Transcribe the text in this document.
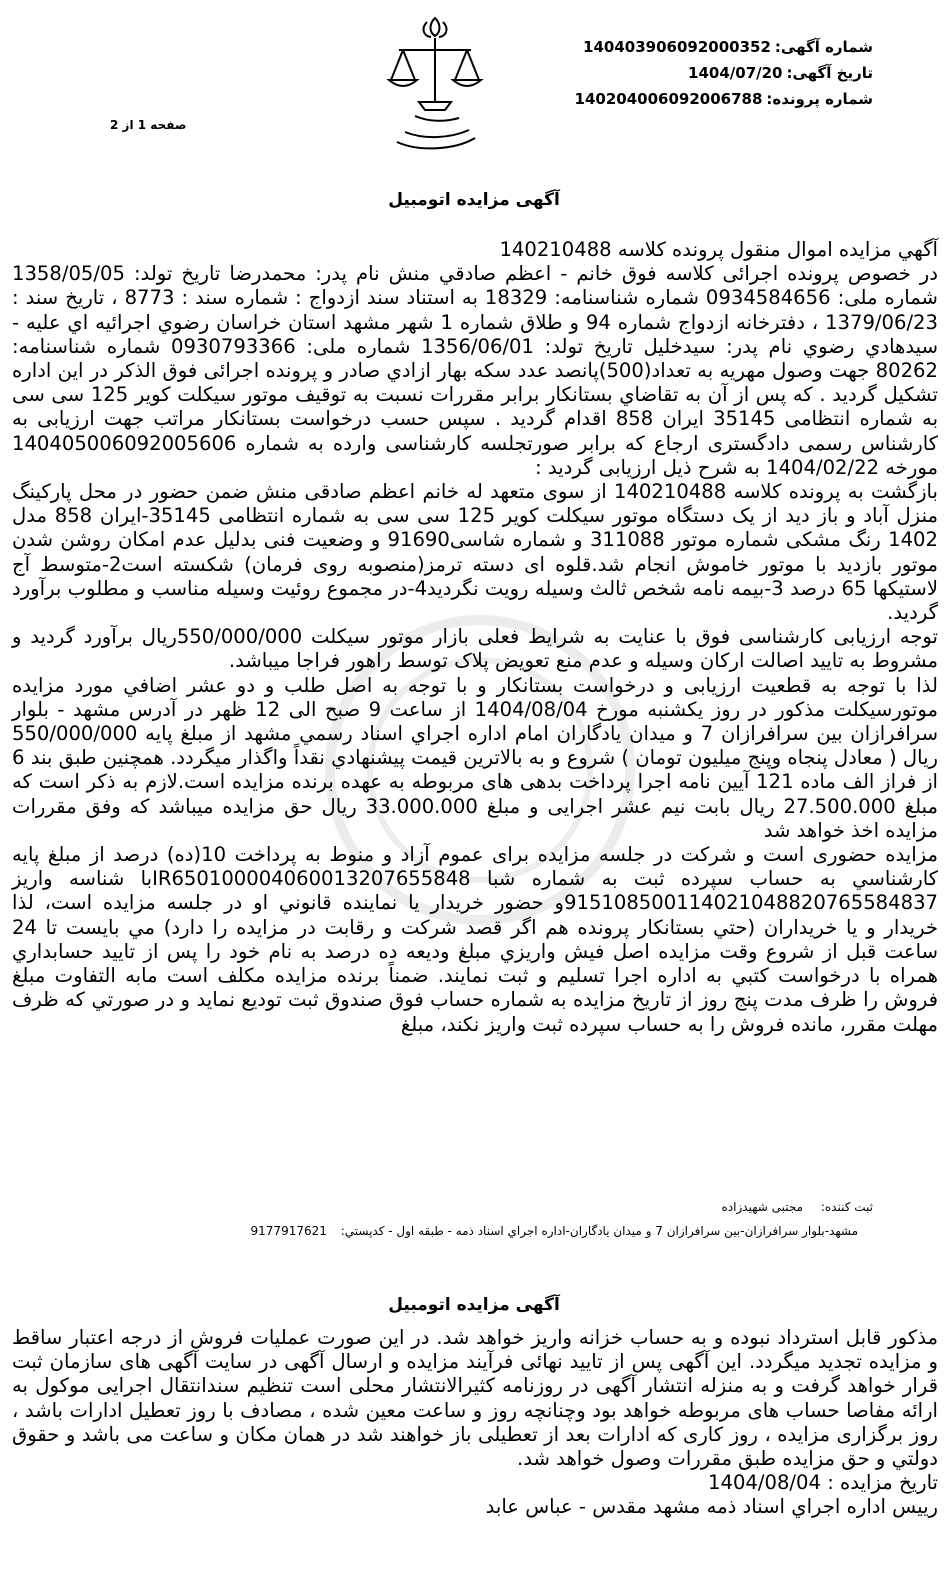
شماره آگهی:140403906092000352
تاریخ آگهی:1404/07/20
شماره پرونده:140204006092006788
صفحه 1 از 2
آگهی مزایده اتومبیل

آگهي مزايده اموال منقول پرونده کلاسه 140210488

در خصوص پرونده اجرائی کلاسه فوق خانم - اعظم صادقي منش نام پدر: محمدرضا تاريخ تولد: 1358/05/05 شماره ملی: 0934584656 شماره شناسنامه: 18329 به استناد سند ازدواج : شماره سند : 8773 ، تاریخ سند : 1379/06/23 ، دفترخانه ازدواج شماره 94 و طلاق شماره 1 شهر مشهد استان خراسان رضوي اجرائيه اي عليه - سيدهادي رضوي نام پدر: سيدخليل تاريخ تولد: 1356/06/01 شماره ملی: 0930793366 شماره شناسنامه: 80262 جهت وصول مهريه به تعداد(500)پانصد عدد سکه بهار ازادي صادر و پرونده اجرائی فوق الذکر در این اداره تشکیل گردید . که پس از آن به تقاضاي بستانكار برابر مقررات نسبت به توقيف موتور سيكلت كوير 125 سی سی به شماره انتظامی 35145 ايران 858 اقدام گرديد . سپس حسب درخواست بستانكار مراتب جهت ارزيابی به كارشناس رسمی دادگستری ارجاع كه برابر صورتجلسه كارشناسی وارده به شماره 140405006092005606 مورخه 1404/02/22 به شرح ذيل ارزيابی گرديد :

بازگشت به پرونده کلاسه 140210488 از سوی متعهد له خانم اعظم صادقی منش ضمن حضور در محل پارکینگ منزل آباد و باز دید از یک دستگاه موتور سیکلت کویر 125 سی سی به شماره انتظامی 35145-ایران 858 مدل 1402 رنگ مشکی شماره موتور 311088 و شماره شاسی91690 و وضعیت فنی بدلیل عدم امکان روشن شدن موتور بازدید با موتور خاموش انجام شد.قلوه ای دسته ترمز(منصوبه روی فرمان) شکسته است2-متوسط آج لاستیکها 65 درصد 3-بیمه نامه شخص ثالث وسیله رویت نگردید4-در مجموع روئیت وسیله مناسب و مطلوب برآورد گردید.

توجه ارزیابی کارشناسی فوق با عنایت به شرایط فعلی بازار موتور سیکلت 550/000/000ریال برآورد گردید و مشروط به تایید اصالت ارکان وسیله و عدم منع تعویض پلاک توسط راهور فراجا میباشد.

لذا با توجه به قطعیت ارزیابی و درخواست بستانکار و با توجه به اصل طلب و دو عشر اضافي مورد مزایده موتورسیکلت مذکور در روز یکشنبه مورخ 1404/08/04 از ساعت 9 صبح الی 12 ظهر در آدرس مشهد - بلوار سرافرازان بین سرافرازان 7 و میدان یادگاران امام اداره اجراي اسناد رسمي مشهد از مبلغ پايه 550/000/000 ريال ( معادل پنجاه وپنج میلیون تومان ) شروع و به بالاترين قيمت پيشنهادي نقداً واگذار ميگردد. همچنین طبق بند 6 از فراز الف ماده 121 آیین نامه اجرا پرداخت بدهی های مربوطه به عهده برنده مزایده است.لازم به ذکر است که مبلغ 27.500.000 ريال بابت نيم عشر اجرايی و مبلغ 33.000.000 ريال حق مزايده ميباشد که وفق مقررات مزايده اخذ خواهد شد

مزایده حضوری است و شرکت در جلسه مزایده برای عموم آزاد و منوط به پرداخت 10(ده) درصد از مبلغ پایه کارشناسي به حساب سپرده ثبت به شماره شبا IR650100004060013207655848با شناسه واریز 915108500114021048820765584837و حضور خریدار یا نماينده قانوني او در جلسه مزايده است، لذا خريدار و يا خريداران (حتي بستانکار پرونده هم اگر قصد شرکت و رقابت در مزايده را دارد) مي بايست تا 24 ساعت قبل از شروع وقت مزايده اصل فيش واريزي مبلغ وديعه ده درصد به نام خود را پس از تاييد حسابداري همراه با درخواست کتبي به اداره اجرا تسليم و ثبت نمايند. ضمناً برنده مزايده مکلف است مابه التفاوت مبلغ فروش را ظرف مدت پنج روز از تاريخ مزايده به شماره حساب فوق صندوق ثبت توديع نمايد و در صورتي که ظرف مهلت مقرر، مانده فروش را به حساب سپرده ثبت واريز نکند، مبلغ

ثبت کننده: مجتبی شهیدزاده
مشهد-بلوار سرافرازان-بين سرافرازان 7 و ميدان يادگاران-اداره اجراي اسناد ذمه - طبقه اول - كدپستي: 9177917621
آگهی مزایده اتومبیل

مذکور قابل استرداد نبوده و به حساب خزانه واريز خواهد شد. در این صورت عملیات فروش از درجه اعتبار ساقط و مزایده تجدید میگردد. این آگهی پس از تایید نهائی فرآیند مزایده و ارسال آگهی در سایت آگهی های سازمان ثبت قرار خواهد گرفت و به منزله انتشار آگهی در روزنامه کثیرالانتشار محلی است تنظیم سندانتقال اجرایی موکول به ارائه مفاصا حساب های مربوطه خواهد بود وچنانچه روز و ساعت معین شده ، مصادف با روز تعطیل ادارات باشد ، روز برگزاری مزایده ، روز کاری که ادارات بعد از تعطیلی باز خواهند شد در همان مکان و ساعت می باشد و حقوق دولتي و حق مزايده طبق مقررات وصول خواهد شد.

تاریخ مزایده : 1404/08/04

رييس اداره اجراي اسناد ذمه مشهد مقدس - عباس عابد
